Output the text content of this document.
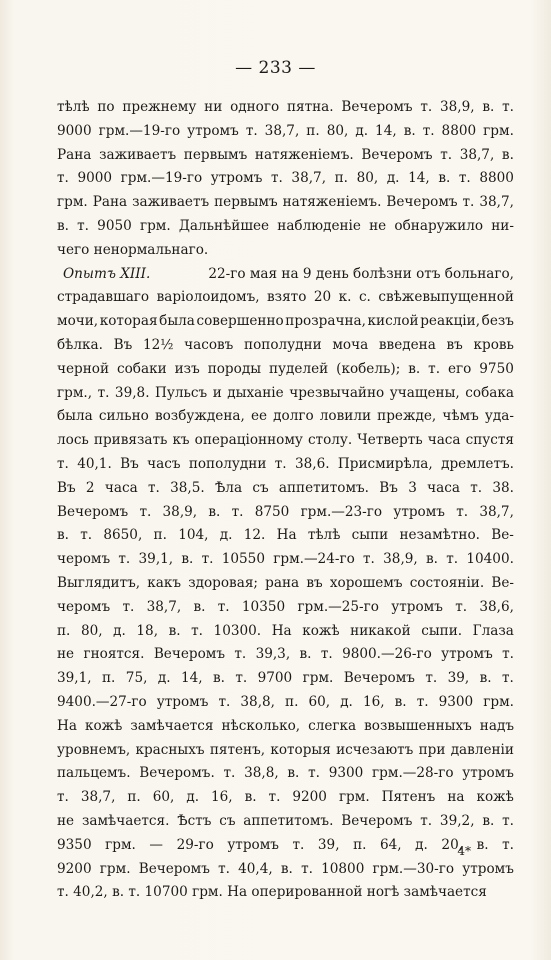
— 233 —
тѣлѣ по прежнему ни одного пятна. Вечеромъ т. 38,9, в. т.
9000 грм.—19-го утромъ т. 38,7, п. 80, д. 14, в. т. 8800 грм.
Рана заживаетъ первымъ натяженіемъ. Вечеромъ т. 38,7, в.
т. 9000 грм.—19-го утромъ т. 38,7, п. 80, д. 14, в. т. 8800
грм. Рана заживаетъ первымъ натяженіемъ. Вечеромъ т. 38,7,
в. т. 9050 грм. Дальнѣйшее наблюденіе не обнаружило ни-
чего ненормальнаго.
Опытъ XIII.	22-го мая на 9 день болѣзни отъ больнаго,
страдавшаго варіолоидомъ, взято 20 к. с. свѣжевыпущенной
мочи, которая была совершенно прозрачна, кислой реакціи, безъ
бѣлка. Въ 12½ часовъ пополудни моча введена въ кровь
черной собаки изъ породы пуделей (кобель); в. т. его 9750
грм., т. 39,8. Пульсъ и дыханіе чрезвычайно учащены, собака
была сильно возбуждена, ее долго ловили прежде, чѣмъ уда-
лось привязать къ операціонному столу. Четверть часа спустя
т. 40,1. Въ часъ пополудни т. 38,6. Присмирѣла, дремлетъ.
Въ 2 часа т. 38,5. Ѣла съ аппетитомъ. Въ 3 часа т. 38.
Вечеромъ т. 38,9, в. т. 8750 грм.—23-го утромъ т. 38,7,
в. т. 8650, п. 104, д. 12. На тѣлѣ сыпи незамѣтно. Ве-
черомъ т. 39,1, в. т. 10550 грм.—24-го т. 38,9, в. т. 10400.
Выглядитъ, какъ здоровая; рана въ хорошемъ состояніи. Ве-
черомъ т. 38,7, в. т. 10350 грм.—25-го утромъ т. 38,6,
п. 80, д. 18, в. т. 10300. На кожѣ никакой сыпи. Глаза
не гноятся. Вечеромъ т. 39,3, в. т. 9800.—26-го утромъ т.
39,1, п. 75, д. 14, в. т. 9700 грм. Вечеромъ т. 39, в. т.
9400.—27-го утромъ т. 38,8, п. 60, д. 16, в. т. 9300 грм.
На кожѣ замѣчается нѣсколько, слегка возвышенныхъ надъ
уровнемъ, красныхъ пятенъ, которыя исчезаютъ при давленіи
пальцемъ. Вечеромъ. т. 38,8, в. т. 9300 грм.—28-го утромъ
т. 38,7, п. 60, д. 16, в. т. 9200 грм. Пятенъ на кожѣ
не замѣчается. Ѣстъ съ аппетитомъ. Вечеромъ т. 39,2, в. т.
9350 грм. — 29-го утромъ т. 39, п. 64, д. 20, в. т.
9200 грм. Вечеромъ т. 40,4, в. т. 10800 грм.—30-го утромъ
т. 40,2, в. т. 10700 грм. На оперированной ногѣ замѣчается
4*
